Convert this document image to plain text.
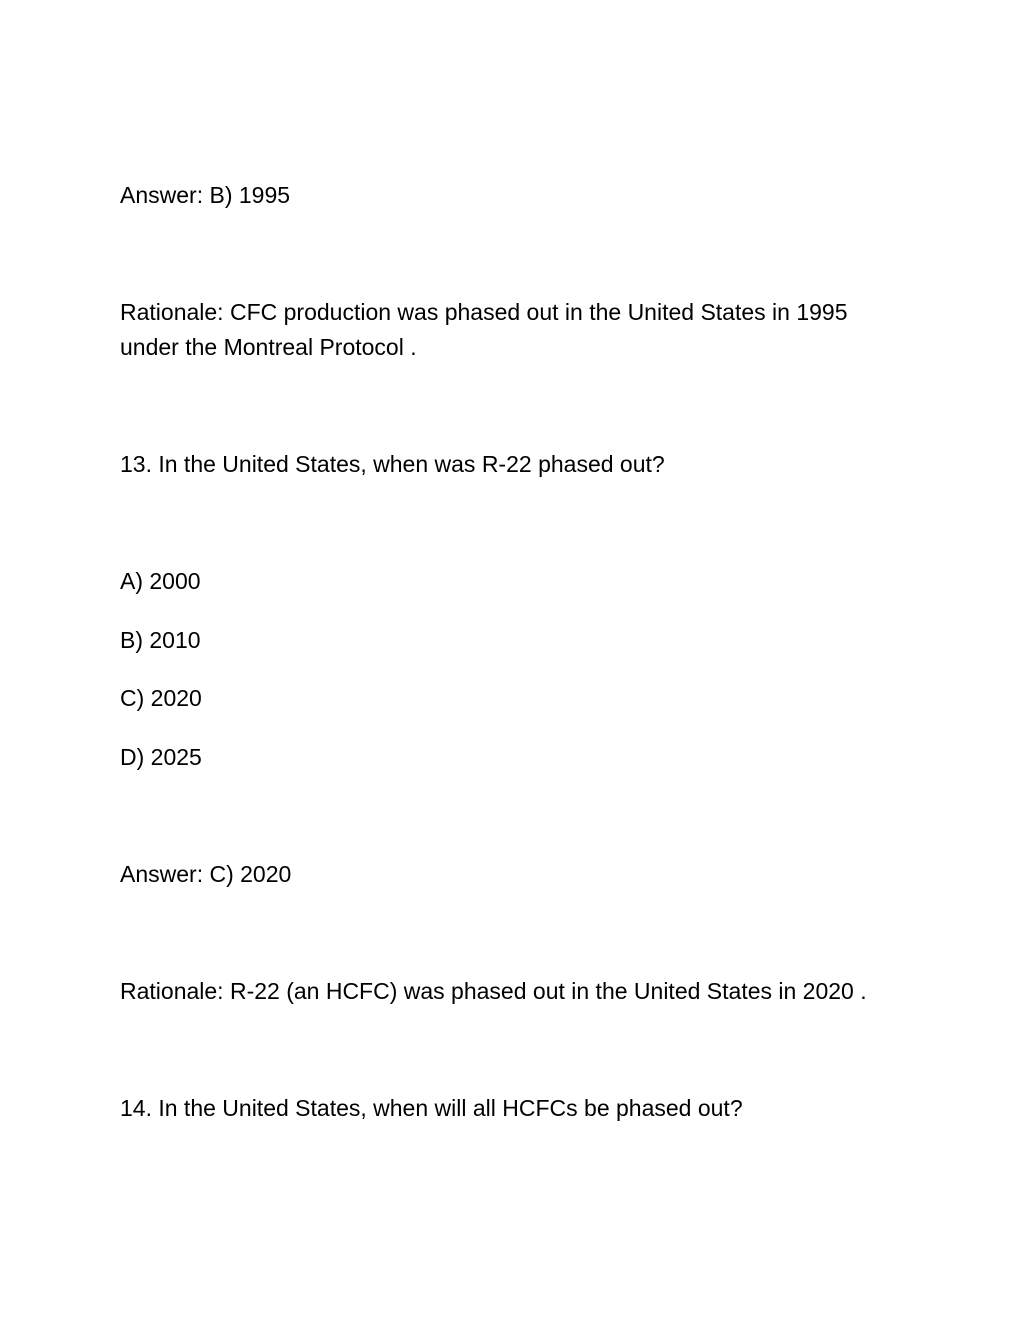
Answer: B) 1995
Rationale: CFC production was phased out in the United States in 1995
under the Montreal Protocol .
13. In the United States, when was R-22 phased out?
A) 2000
B) 2010
C) 2020
D) 2025
Answer: C) 2020
Rationale: R-22 (an HCFC) was phased out in the United States in 2020 .
14. In the United States, when will all HCFCs be phased out?
